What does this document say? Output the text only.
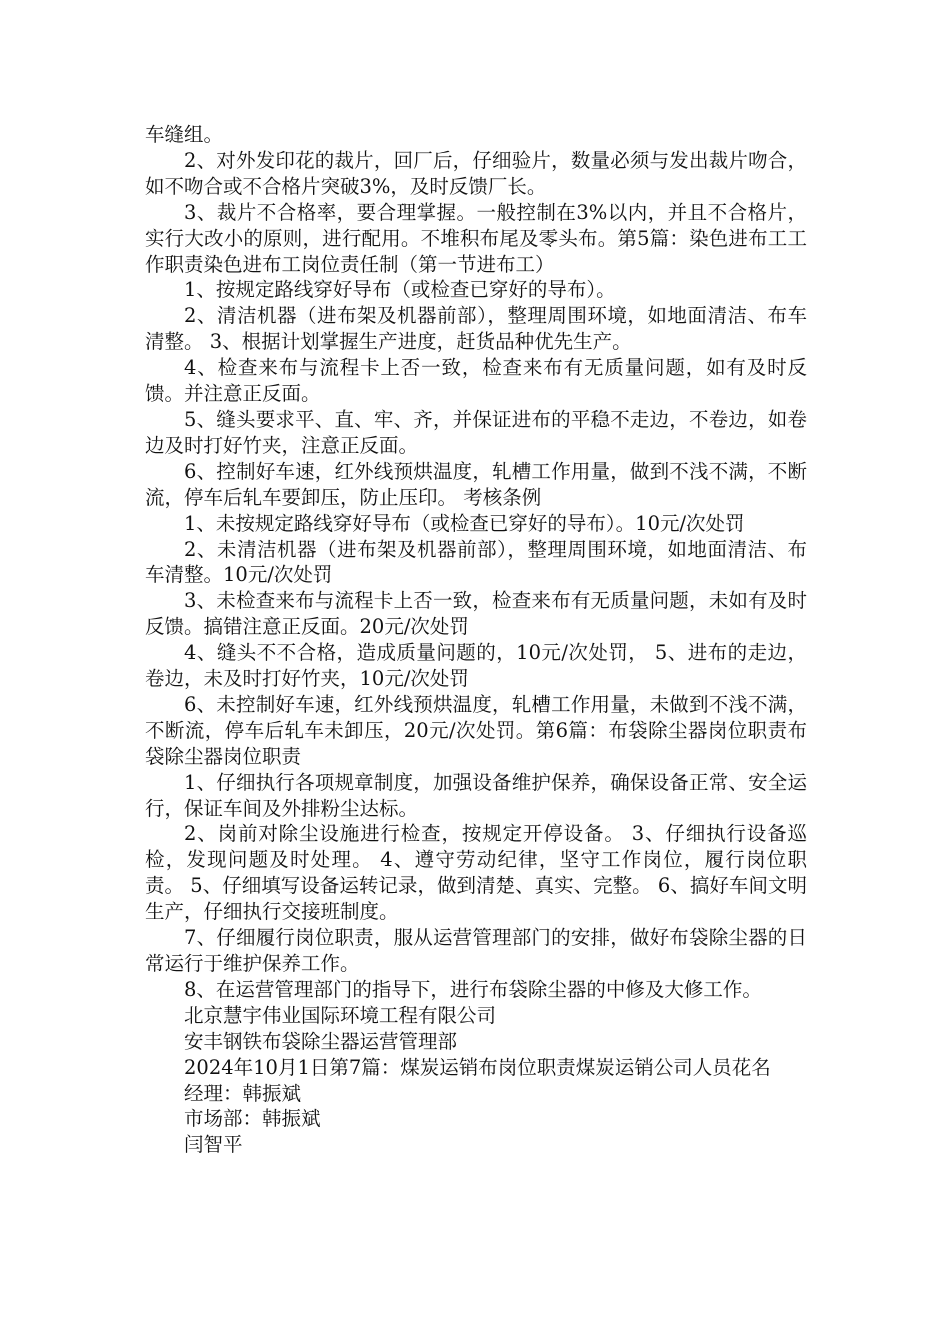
车缝组。

2、对外发印花的裁片，回厂后，仔细验片，数量必须与发出裁片吻合，如不吻合或不合格片突破3%，及时反馈厂长。

3、裁片不合格率，要合理掌握。一般控制在3%以内，并且不合格片，实行大改小的原则，进行配用。不堆积布尾及零头布。第5篇：染色进布工工作职责染色进布工岗位责任制（第一节进布工）

1、按规定路线穿好导布（或检查已穿好的导布）。

2、清洁机器（进布架及机器前部），整理周围环境，如地面清洁、布车清整。 3、根据计划掌握生产进度，赶货品种优先生产。

4、检查来布与流程卡上否一致，检查来布有无质量问题，如有及时反馈。并注意正反面。

5、缝头要求平、直、牢、齐，并保证进布的平稳不走边，不卷边，如卷边及时打好竹夹，注意正反面。

6、控制好车速，红外线预烘温度，轧槽工作用量，做到不浅不满，不断流，停车后轧车要卸压，防止压印。 考核条例

1、未按规定路线穿好导布（或检查已穿好的导布）。10元/次处罚

2、未清洁机器（进布架及机器前部），整理周围环境，如地面清洁、布车清整。10元/次处罚

3、未检查来布与流程卡上否一致，检查来布有无质量问题，未如有及时反馈。搞错注意正反面。20元/次处罚

4、缝头不不合格，造成质量问题的，10元/次处罚， 5、进布的走边，卷边，未及时打好竹夹，10元/次处罚

6、未控制好车速，红外线预烘温度，轧槽工作用量，未做到不浅不满，不断流，停车后轧车未卸压，20元/次处罚。第6篇：布袋除尘器岗位职责布袋除尘器岗位职责

1、仔细执行各项规章制度，加强设备维护保养，确保设备正常、安全运行，保证车间及外排粉尘达标。

2、岗前对除尘设施进行检查，按规定开停设备。 3、仔细执行设备巡检，发现问题及时处理。 4、遵守劳动纪律，坚守工作岗位，履行岗位职责。 5、仔细填写设备运转记录，做到清楚、真实、完整。 6、搞好车间文明生产，仔细执行交接班制度。

7、仔细履行岗位职责，服从运营管理部门的安排，做好布袋除尘器的日常运行于维护保养工作。

8、在运营管理部门的指导下，进行布袋除尘器的中修及大修工作。

北京慧宇伟业国际环境工程有限公司

安丰钢铁布袋除尘器运营管理部

2024年10月1日第7篇：煤炭运销布岗位职责煤炭运销公司人员花名

经理：韩振斌

市场部：韩振斌

闫智平
